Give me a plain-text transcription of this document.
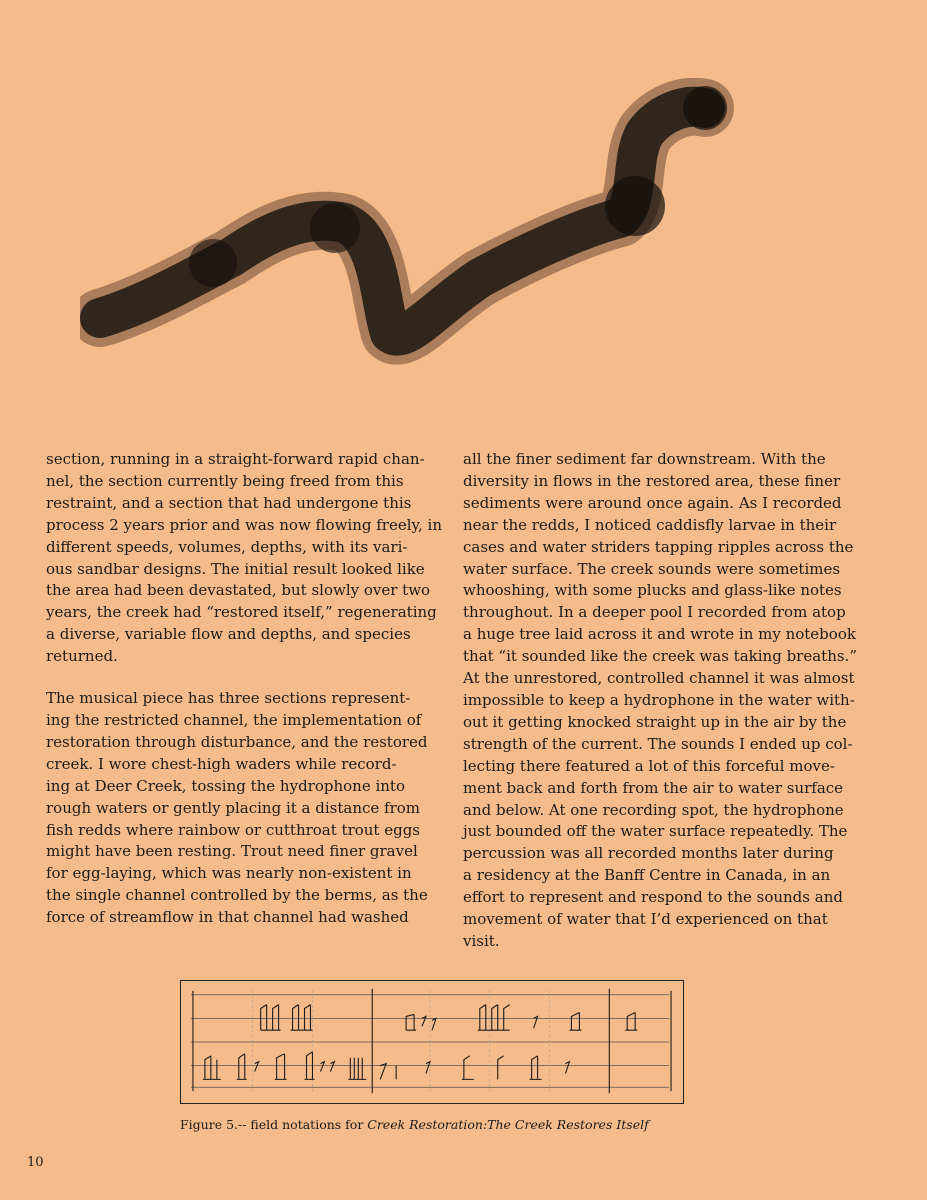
section, running in a straight-forward rapid chan-
nel, the section currently being freed from this
restraint, and a section that had undergone this
process 2 years prior and was now flowing freely, in
different speeds, volumes, depths, with its vari-
ous sandbar designs. The initial result looked like
the area had been devastated, but slowly over two
years, the creek had “restored itself,” regenerating
a diverse, variable flow and depths, and species
returned.

The musical piece has three sections represent-
ing the restricted channel, the implementation of
restoration through disturbance, and the restored
creek. I wore chest-high waders while record-
ing at Deer Creek, tossing the hydrophone into
rough waters or gently placing it a distance from
fish redds where rainbow or cutthroat trout eggs
might have been resting. Trout need finer gravel
for egg-laying, which was nearly non-existent in
the single channel controlled by the berms, as the
force of streamflow in that channel had washed

all the finer sediment far downstream. With the
diversity in flows in the restored area, these finer
sediments were around once again. As I recorded
near the redds, I noticed caddisfly larvae in their
cases and water striders tapping ripples across the
water surface. The creek sounds were sometimes
whooshing, with some plucks and glass-like notes
throughout. In a deeper pool I recorded from atop
a huge tree laid across it and wrote in my notebook
that “it sounded like the creek was taking breaths.”
At the unrestored, controlled channel it was almost
impossible to keep a hydrophone in the water with-
out it getting knocked straight up in the air by the
strength of the current. The sounds I ended up col-
lecting there featured a lot of this forceful move-
ment back and forth from the air to water surface
and below. At one recording spot, the hydrophone
just bounded off the water surface repeatedly. The
percussion was all recorded months later during
a residency at the Banff Centre in Canada, in an
effort to represent and respond to the sounds and
movement of water that I’d experienced on that
visit.

Figure 5.-- field notations for Creek Restoration:The Creek Restores Itself
10
